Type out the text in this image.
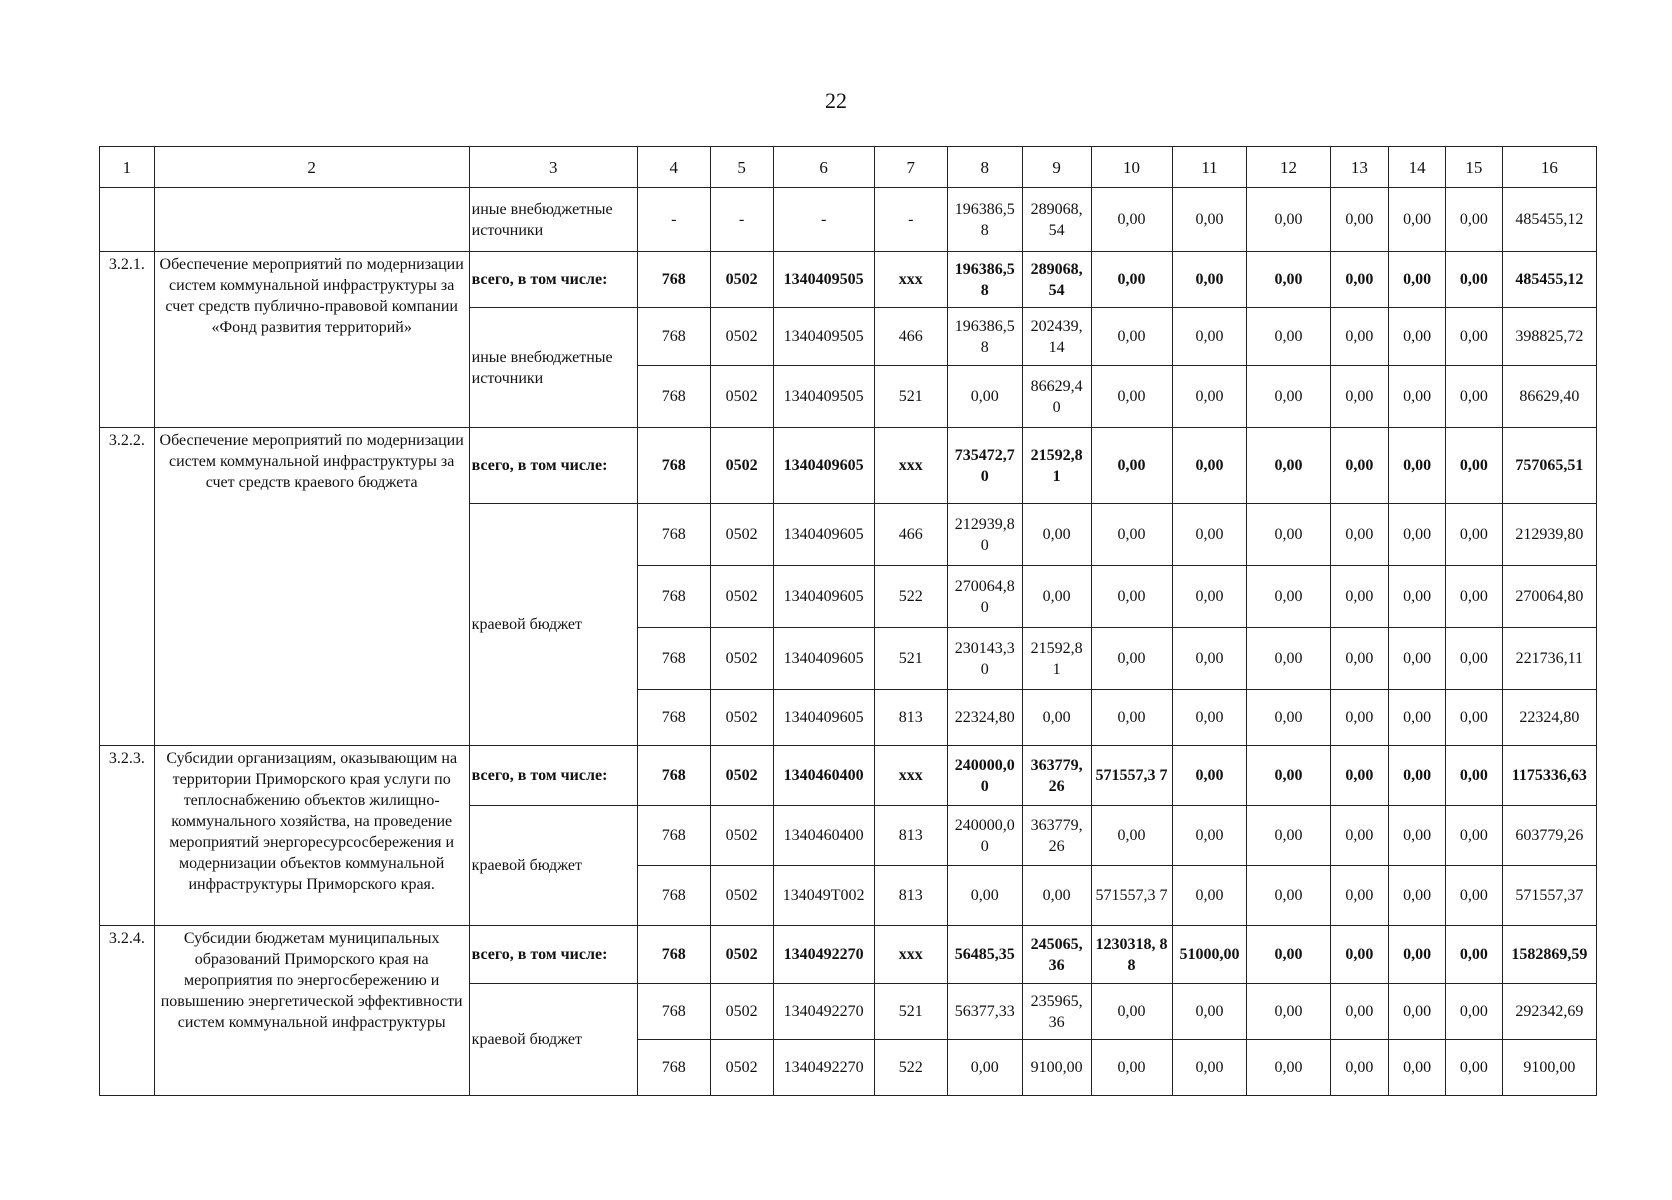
22
1	2	3	4	5	6	7	8	9	10	11	12	13	14	15	16
		иные внебюджетные источники	-	-	-	-	196386,5 8	289068, 54	0,00	0,00	0,00	0,00	0,00	0,00	485455,12
3.2.1.	Обеспечение мероприятий по модернизации систем коммунальной инфраструктуры за счет средств публично-правовой компании «Фонд развития территорий»	всего, в том числе:	768	0502	1340409505	ххх	196386,5 8	289068, 54	0,00	0,00	0,00	0,00	0,00	0,00	485455,12
		иные внебюджетные источники	768	0502	1340409505	466	196386,5 8	202439, 14	0,00	0,00	0,00	0,00	0,00	0,00	398825,72
			768	0502	1340409505	521	0,00	86629,4 0	0,00	0,00	0,00	0,00	0,00	0,00	86629,40
3.2.2.	Обеспечение мероприятий по модернизации систем коммунальной инфраструктуры за счет средств краевого бюджета	всего, в том числе:	768	0502	1340409605	ххх	735472,7 0	21592,8 1	0,00	0,00	0,00	0,00	0,00	0,00	757065,51
		краевой бюджет	768	0502	1340409605	466	212939,8 0	0,00	0,00	0,00	0,00	0,00	0,00	0,00	212939,80
			768	0502	1340409605	522	270064,8 0	0,00	0,00	0,00	0,00	0,00	0,00	0,00	270064,80
			768	0502	1340409605	521	230143,3 0	21592,8 1	0,00	0,00	0,00	0,00	0,00	0,00	221736,11
			768	0502	1340409605	813	22324,80	0,00	0,00	0,00	0,00	0,00	0,00	0,00	22324,80
3.2.3.	Субсидии организациям, оказывающим на территории Приморского края услуги по теплоснабжению объектов жилищно-коммунального хозяйства, на проведение мероприятий энергоресурсосбережения и модернизации объектов коммунальной инфраструктуры Приморского края.	всего, в том числе:	768	0502	1340460400	ххх	240000,0 0	363779, 26	571557,3 7	0,00	0,00	0,00	0,00	0,00	1175336,63
		краевой бюджет	768	0502	1340460400	813	240000,0 0	363779, 26	0,00	0,00	0,00	0,00	0,00	0,00	603779,26
			768	0502	134049Т002	813	0,00	0,00	571557,3 7	0,00	0,00	0,00	0,00	0,00	571557,37
3.2.4.	Субсидии бюджетам муниципальных образований Приморского края на мероприятия по энергосбережению и повышению энергетической эффективности систем коммунальной инфраструктуры	всего, в том числе:	768	0502	1340492270	ххх	56485,35	245065, 36	1230318, 88	51000,00	0,00	0,00	0,00	0,00	1582869,59
		краевой бюджет	768	0502	1340492270	521	56377,33	235965, 36	0,00	0,00	0,00	0,00	0,00	0,00	292342,69
			768	0502	1340492270	522	0,00	9100,00	0,00	0,00	0,00	0,00	0,00	0,00	9100,00
